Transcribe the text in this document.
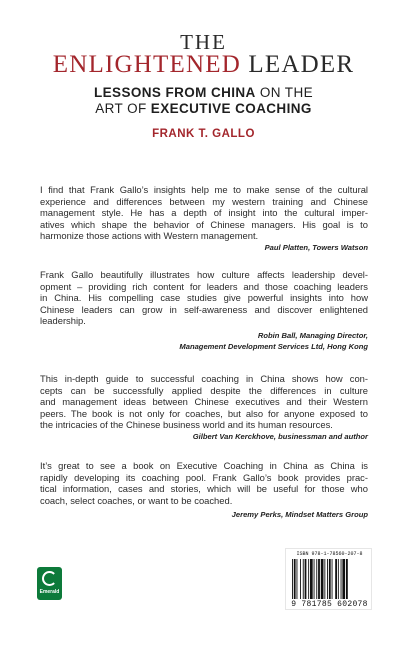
THE
ENLIGHTENED LEADER
LESSONS FROM CHINA ON THE
ART OF EXECUTIVE COACHING
FRANK T. GALLO
I find that Frank Gallo’s insights help me to make sense of the cultural
experience and differences between my western training and Chinese
management style. He has a depth of insight into the cultural imper-
atives which shape the behavior of Chinese managers. His goal is to
harmonize those actions with Western management.
Paul Platten, Towers Watson
Frank Gallo beautifully illustrates how culture affects leadership devel-
opment – providing rich content for leaders and those coaching leaders
in China. His compelling case studies give powerful insights into how
Chinese leaders can grow in self-awareness and discover enlightened
leadership.
Robin Ball, Managing Director,
Management Development Services Ltd, Hong Kong
This in-depth guide to successful coaching in China shows how con-
cepts can be successfully applied despite the differences in culture
and management ideas between Chinese executives and their Western
peers. The book is not only for coaches, but also for anyone exposed to
the intricacies of the Chinese business world and its human resources.
Gilbert Van Kerckhove, businessman and author
It’s great to see a book on Executive Coaching in China as China is
rapidly developing its coaching pool. Frank Gallo’s book provides prac-
tical information, cases and stories, which will be useful for those who
coach, select coaches, or want to be coached.
Jeremy Perks, Mindset Matters Group
Emerald
ISBN 978-1-78560-207-8
9 781785 602078
